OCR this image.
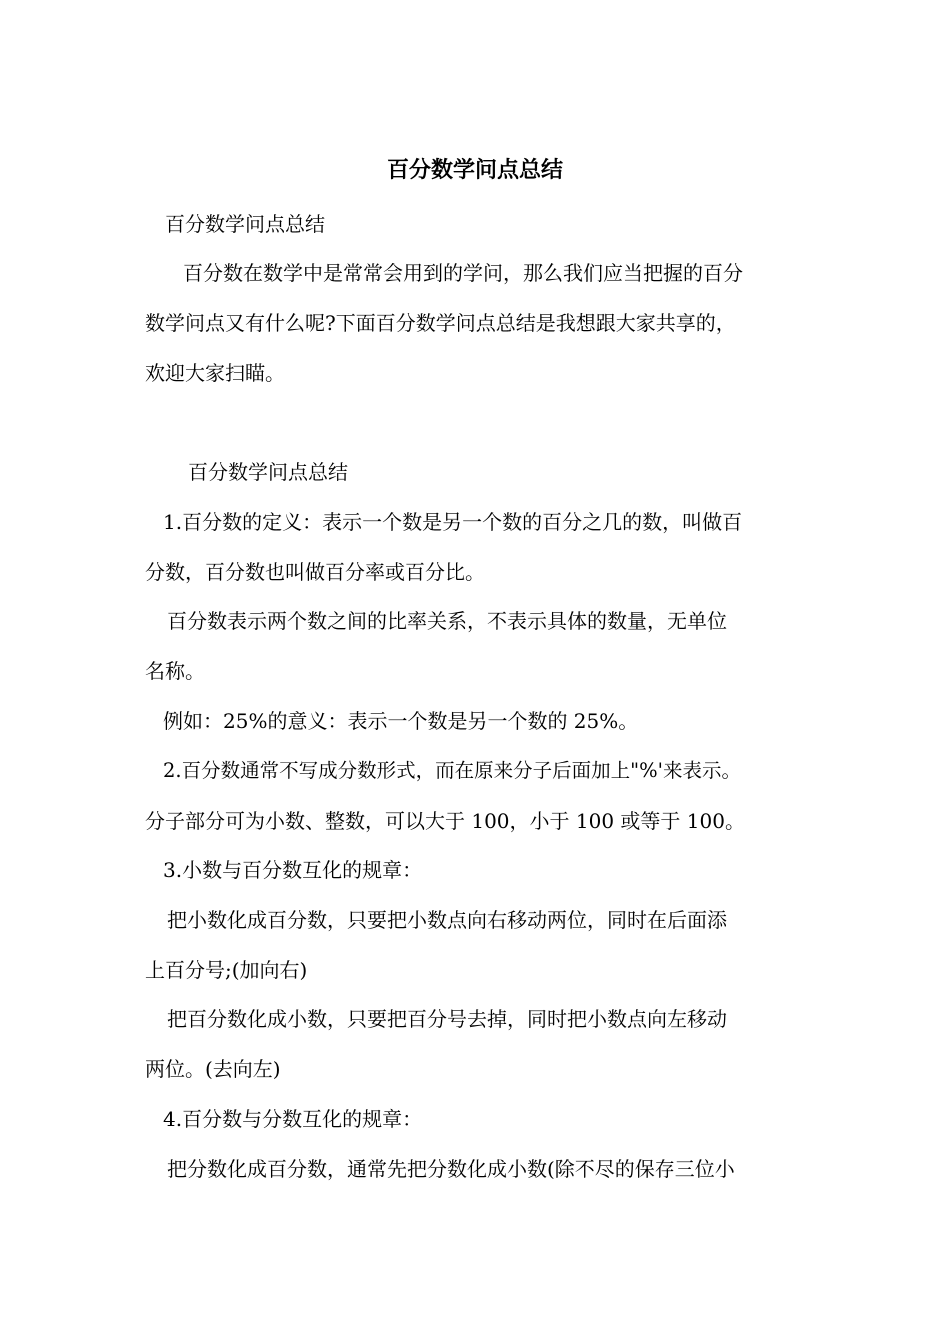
百分数学问点总结
百分数学问点总结
百分数在数学中是常常会用到的学问，那么我们应当把握的百分
数学问点又有什么呢?下面百分数学问点总结是我想跟大家共享的，
欢迎大家扫瞄。
百分数学问点总结
1.百分数的定义：表示一个数是另一个数的百分之几的数，叫做百
分数，百分数也叫做百分率或百分比。
百分数表示两个数之间的比率关系，不表示具体的数量，无单位
名称。
例如：25%的意义：表示一个数是另一个数的 25%。
2.百分数通常不写成分数形式，而在原来分子后面加上"%'来表示。
分子部分可为小数、整数，可以大于 100，小于 100 或等于 100。
3.小数与百分数互化的规章：
把小数化成百分数，只要把小数点向右移动两位，同时在后面添
上百分号;(加向右)
把百分数化成小数，只要把百分号去掉，同时把小数点向左移动
两位。(去向左)
4.百分数与分数互化的规章：
把分数化成百分数，通常先把分数化成小数(除不尽的保存三位小
